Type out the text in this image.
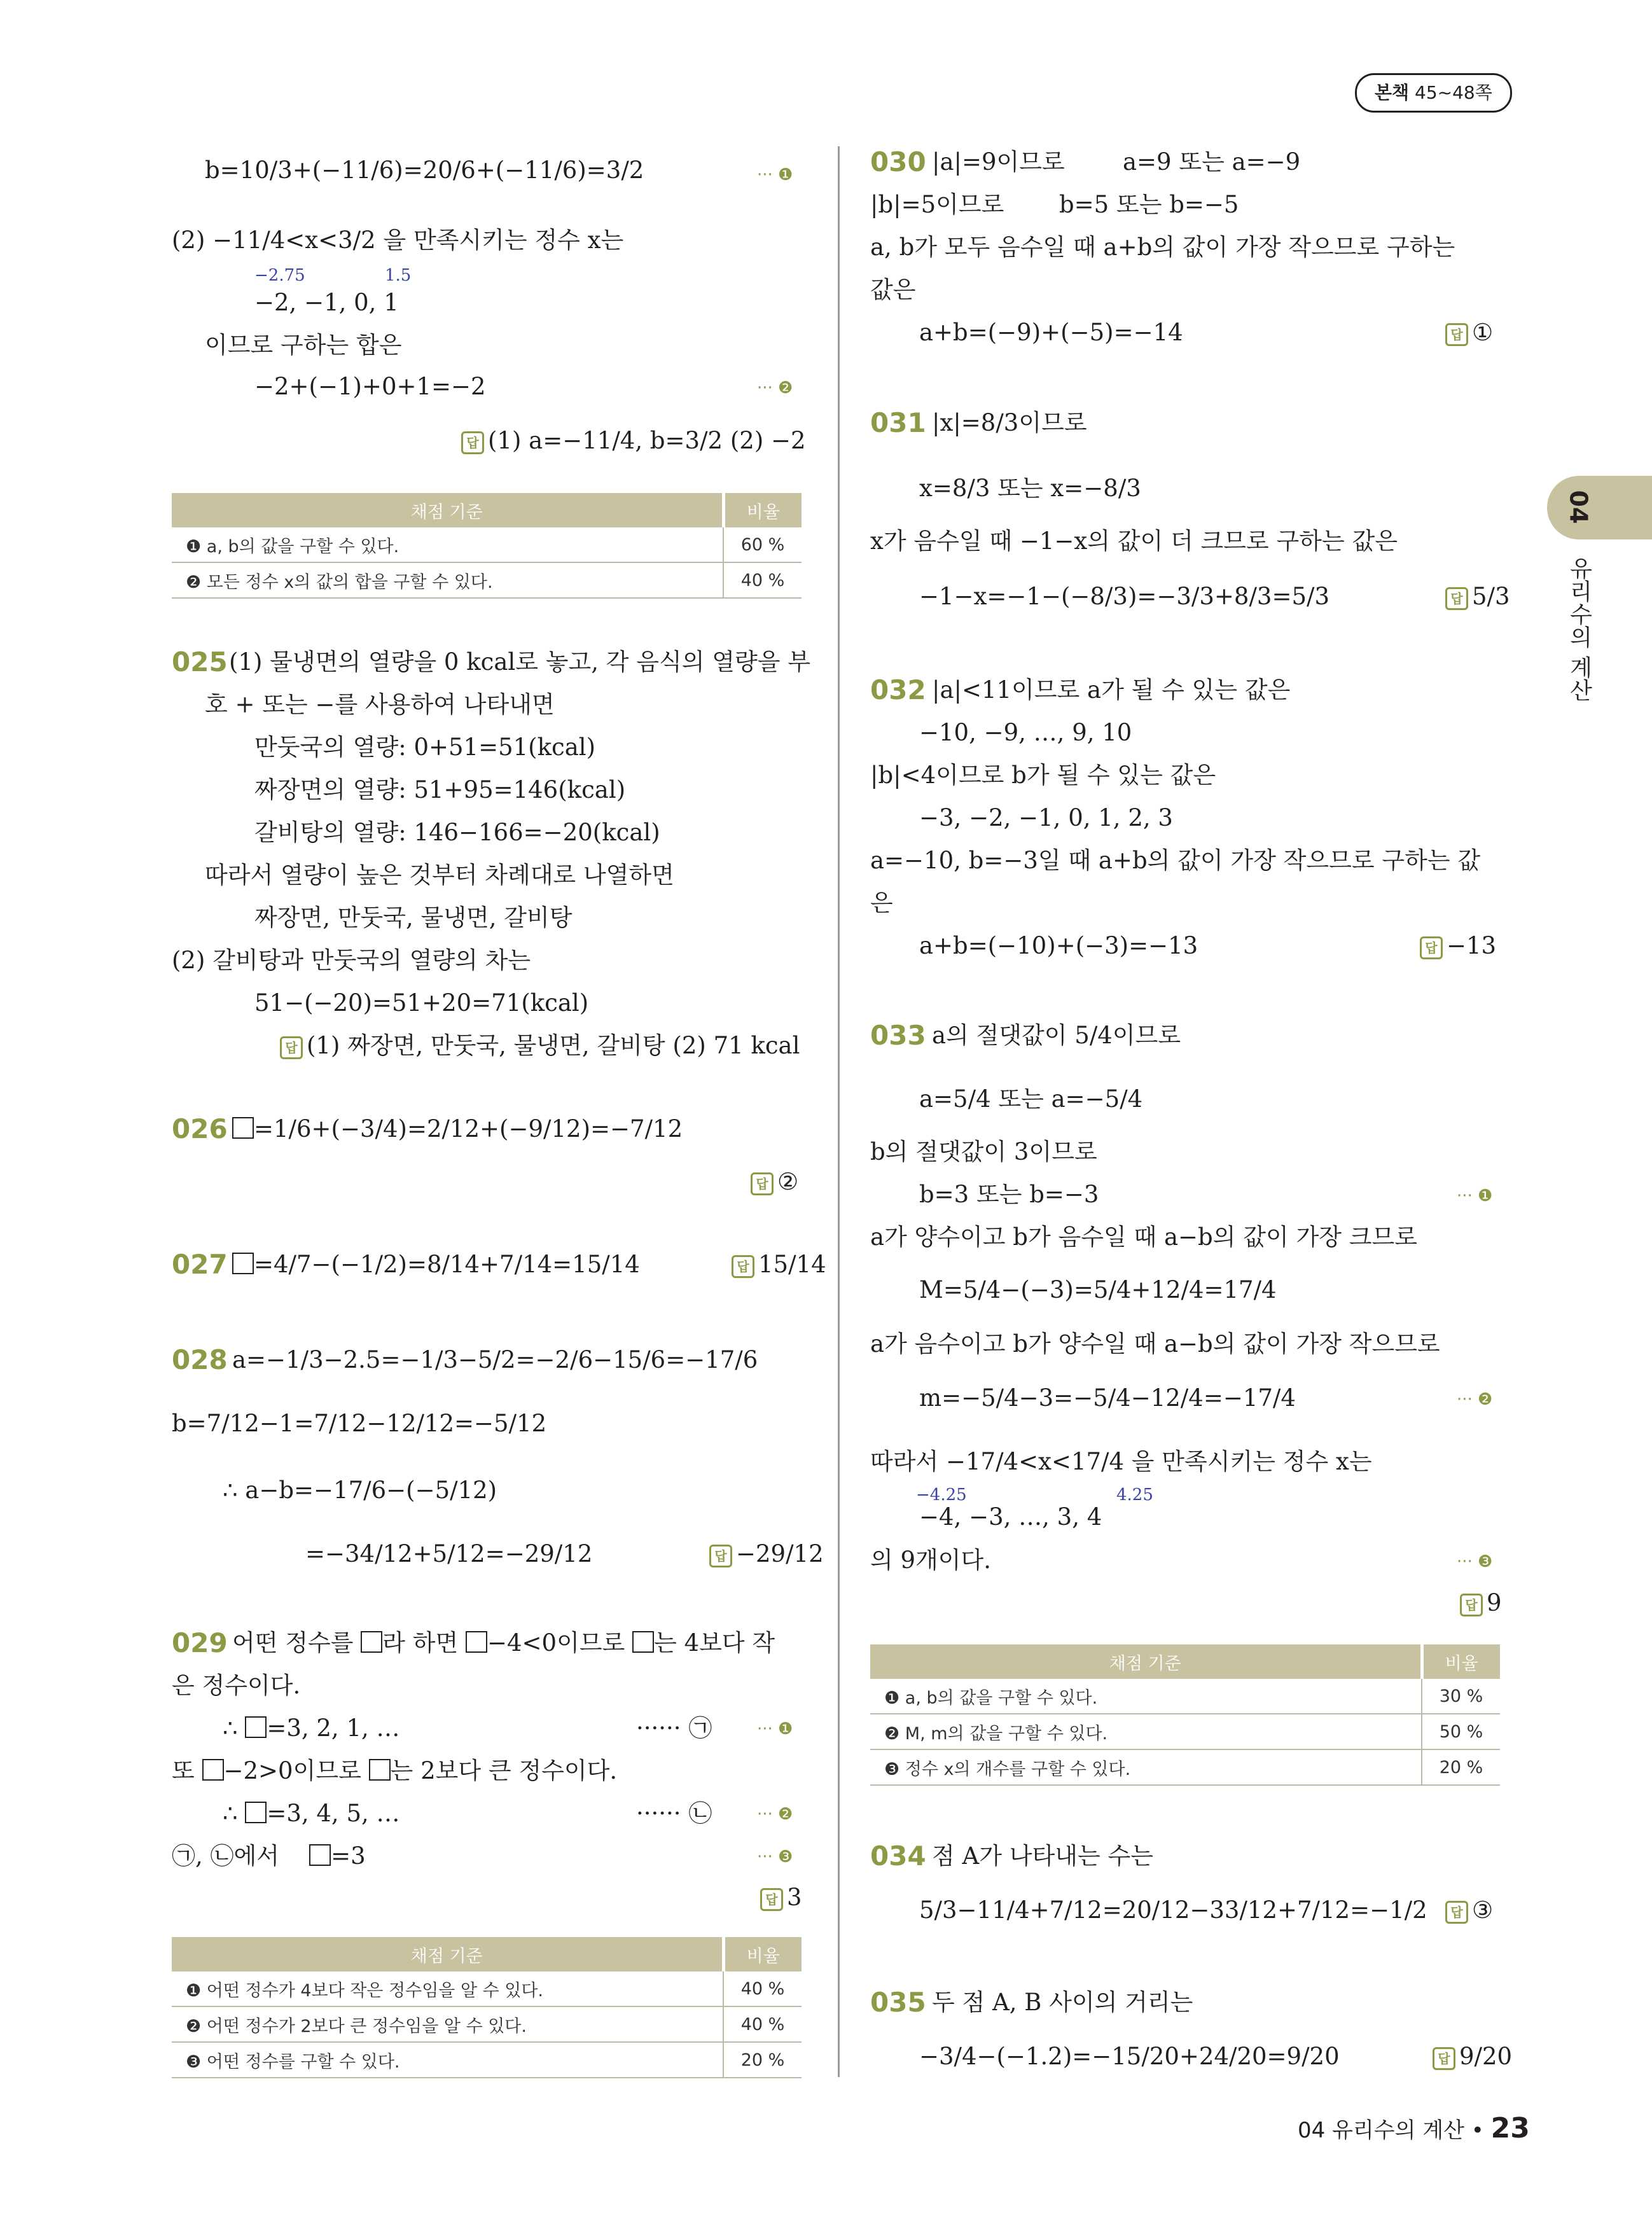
본책 45~48쪽
04
유리수의 계산
b=10/3+(−11/6)=20/6+(−11/6)=3/2	··· ❶
(2) −11/4<x<3/2 을 만족시키는 정수 x는
−2.75	1.5
−2, −1, 0, 1
이므로 구하는 합은
−2+(−1)+0+1=−2	··· ❷
답 (1) a=−11/4, b=3/2 (2) −2
채점 기준	비율
❶ a, b의 값을 구할 수 있다.	60 %
❷ 모든 정수 x의 값의 합을 구할 수 있다.	40 %
025 (1) 물냉면의 열량을 0 kcal로 놓고, 각 음식의 열량을 부
호 + 또는 −를 사용하여 나타내면
만둣국의 열량: 0+51=51(kcal)
짜장면의 열량: 51+95=146(kcal)
갈비탕의 열량: 146−166=−20(kcal)
따라서 열량이 높은 것부터 차례대로 나열하면
짜장면, 만둣국, 물냉면, 갈비탕
(2) 갈비탕과 만둣국의 열량의 차는
51−(−20)=51+20=71(kcal)
답 (1) 짜장면, 만둣국, 물냉면, 갈비탕 (2) 71 kcal
026	=1/6+(−3/4)=2/12+(−9/12)=−7/12
답 ②
027	=4/7−(−1/2)=8/14+7/14=15/14	답 15/14
028 a=−1/3−2.5=−1/3−5/2=−2/6−15/6=−17/6
b=7/12−1=7/12−12/12=−5/12
∴ a−b=−17/6−(−5/12)
=−34/12+5/12=−29/12	답 −29/12
029 어떤 정수를 라 하면 −4<0이므로 는 4보다 작
은 정수이다.
∴ =3, 2, 1, …	······ ㉠	··· ❶
또 −2>0이므로 는 2보다 큰 정수이다.
∴ =3, 4, 5, …	······ ㉡	··· ❷
㉠, ㉡에서 =3	··· ❸
답 3
채점 기준	비율
❶ 어떤 정수가 4보다 작은 정수임을 알 수 있다.	40 %
❷ 어떤 정수가 2보다 큰 정수임을 알 수 있다.	40 %
❸ 어떤 정수를 구할 수 있다.	20 %
030 |a|=9이므로 a=9 또는 a=−9
|b|=5이므로 b=5 또는 b=−5
a, b가 모두 음수일 때 a+b의 값이 가장 작으므로 구하는
값은
a+b=(−9)+(−5)=−14	답 ①
031 |x|=8/3이므로
x=8/3 또는 x=−8/3
x가 음수일 때 −1−x의 값이 더 크므로 구하는 값은
−1−x=−1−(−8/3)=−3/3+8/3=5/3	답 5/3
032 |a|<11이므로 a가 될 수 있는 값은
−10, −9, …, 9, 10
|b|<4이므로 b가 될 수 있는 값은
−3, −2, −1, 0, 1, 2, 3
a=−10, b=−3일 때 a+b의 값이 가장 작으므로 구하는 값
은
a+b=(−10)+(−3)=−13	답 −13
033 a의 절댓값이 5/4이므로
a=5/4 또는 a=−5/4
b의 절댓값이 3이므로
b=3 또는 b=−3	··· ❶
a가 양수이고 b가 음수일 때 a−b의 값이 가장 크므로
M=5/4−(−3)=5/4+12/4=17/4
a가 음수이고 b가 양수일 때 a−b의 값이 가장 작으므로
m=−5/4−3=−5/4−12/4=−17/4	··· ❷
따라서 −17/4<x<17/4 을 만족시키는 정수 x는
−4.25	4.25
−4, −3, …, 3, 4
의 9개이다.	··· ❸
답 9
채점 기준	비율
❶ a, b의 값을 구할 수 있다.	30 %
❷ M, m의 값을 구할 수 있다.	50 %
❸ 정수 x의 개수를 구할 수 있다.	20 %
034 점 A가 나타내는 수는
5/3−11/4+7/12=20/12−33/12+7/12=−1/2	답 ③
035 두 점 A, B 사이의 거리는
−3/4−(−1.2)=−15/20+24/20=9/20	답 9/20
04 유리수의 계산 • 23
